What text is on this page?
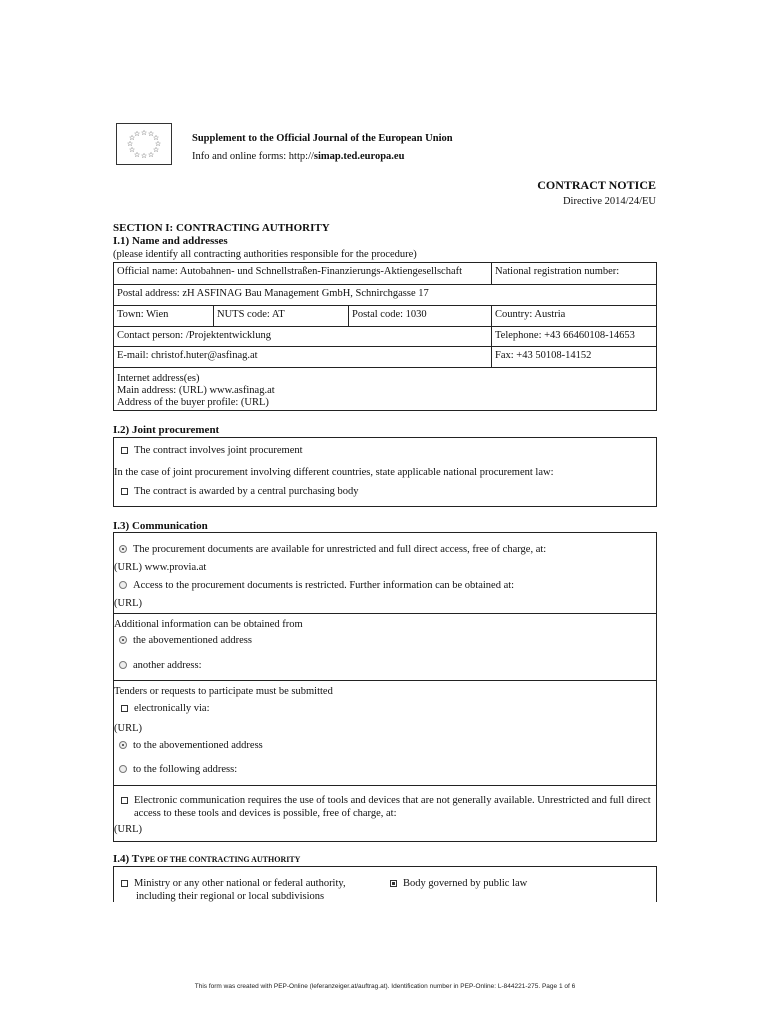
☆ ☆
☆
☆
☆
☆
☆
☆
☆
☆
☆
☆	Supplement to the Official Journal of the European Union
Info and online forms: http://simap.ted.europa.eu
CONTRACT NOTICE
Directive 2014/24/EU
SECTION I: CONTRACTING AUTHORITY
I.1) Name and addresses
(please identify all contracting authorities responsible for the procedure)
Official name: Autobahnen- und Schnellstraßen-Finanzierungs-Aktiengesellschaft	National registration number:
Postal address: zH ASFINAG Bau Management GmbH, Schnirchgasse 17
Town: Wien	NUTS code: AT	Postal code: 1030	Country: Austria
Contact person: /Projektentwicklung	Telephone: +43 66460108-14653
E-mail: christof.huter@asfinag.at	Fax: +43 50108-14152
Internet address(es)
Main address: (URL) www.asfinag.at
Address of the buyer profile: (URL)
I.2) Joint procurement
The contract involves joint procurement
In the case of joint procurement involving different countries, state applicable national procurement law:
The contract is awarded by a central purchasing body
I.3) Communication
The procurement documents are available for unrestricted and full direct access, free of charge, at:
(URL) www.provia.at
Access to the procurement documents is restricted. Further information can be obtained at:
(URL)
Additional information can be obtained from
the abovementioned address
another address:
Tenders or requests to participate must be submitted
electronically via:
(URL)
to the abovementioned address
to the following address:
Electronic communication requires the use of tools and devices that are not generally available. Unrestricted and full direct
access to these tools and devices is possible, free of charge, at:
(URL)
I.4) TYPE OF THE CONTRACTING AUTHORITY
Ministry or any other national or federal authority,
including their regional or local subdivisions
Body governed by public law
This form was created with PEP-Online (leferanzeiger.at/auftrag.at). Identification number in PEP-Online: L-844221-275. Page 1 of 6
